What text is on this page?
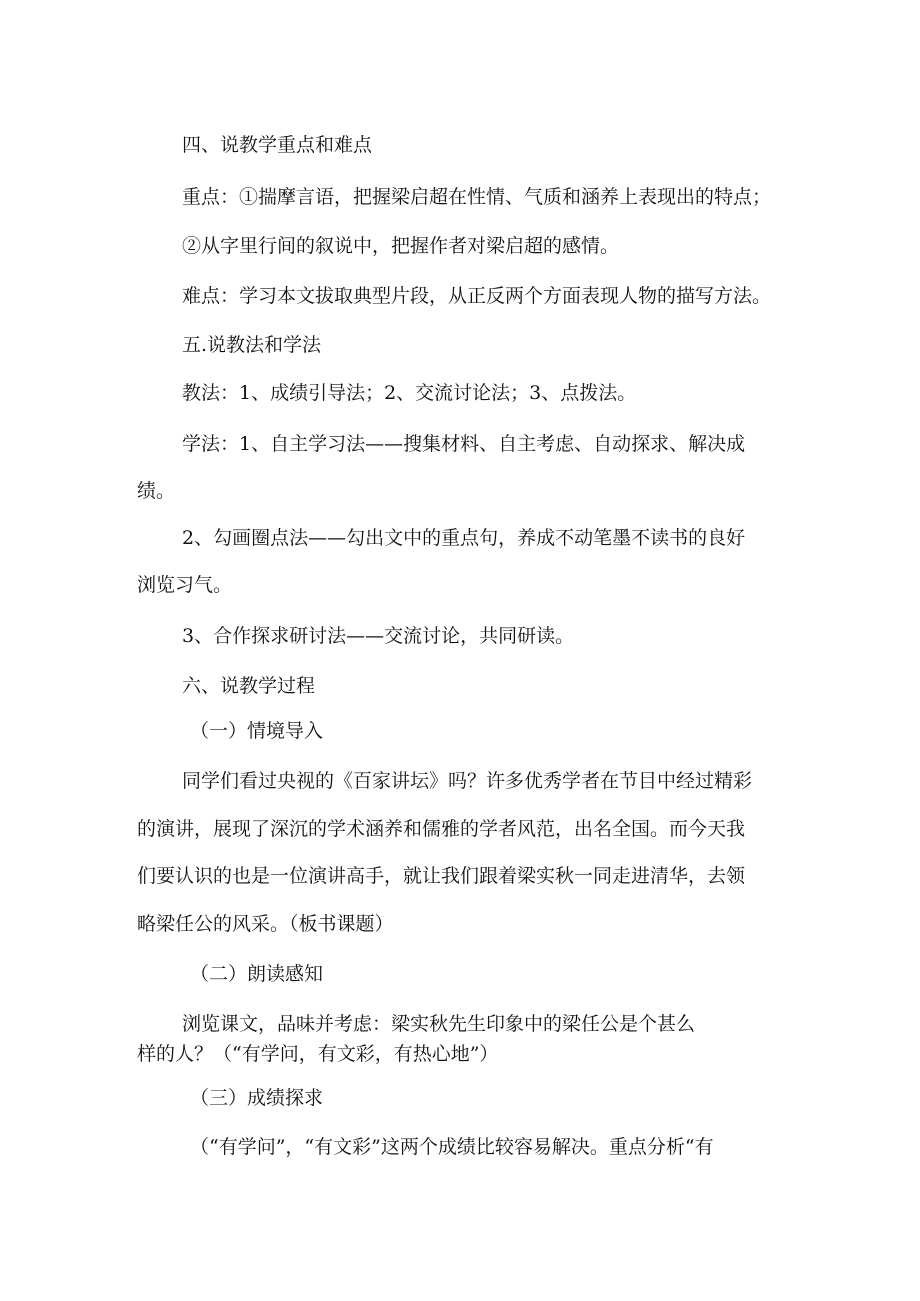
四、说教学重点和难点
重点：①揣摩言语，把握梁启超在性情、气质和涵养上表现出的特点；
②从字里行间的叙说中，把握作者对梁启超的感情。
难点：学习本文拔取典型片段，从正反两个方面表现人物的描写方法。
五.说教法和学法
教法：1、成绩引导法；2、交流讨论法；3、点拨法。
学法：1、自主学习法——搜集材料、自主考虑、自动探求、解决成
绩。
2、勾画圈点法——勾出文中的重点句，养成不动笔墨不读书的良好
浏览习气。
3、合作探求研讨法——交流讨论，共同研读。
六、说教学过程
（一）情境导入
同学们看过央视的《百家讲坛》吗？许多优秀学者在节目中经过精彩
的演讲，展现了深沉的学术涵养和儒雅的学者风范，出名全国。而今天我
们要认识的也是一位演讲高手，就让我们跟着梁实秋一同走进清华，去领
略梁任公的风采。（板书课题）
（二）朗读感知
浏览课文，品味并考虑：梁实秋先生印象中的梁任公是个甚么
样的人？（“有学问，有文彩，有热心地”）
（三）成绩探求
（“有学问”，“有文彩”这两个成绩比较容易解决。重点分析“有
